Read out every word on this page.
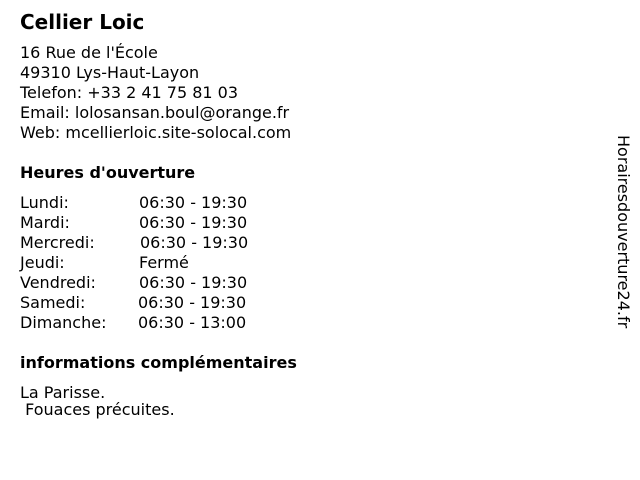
Cellier Loic
16 Rue de l'École
49310 Lys-Haut-Layon
Telefon: +33 2 41 75 81 03
Email: lolosansan.boul@orange.fr
Web: mcellierloic.site-solocal.com
Heures d'ouverture
Lundi:	06:30 - 19:30
Mardi:	06:30 - 19:30
Mercredi:	06:30 - 19:30
Jeudi:	Fermé
Vendredi:	06:30 - 19:30
Samedi:	06:30 - 19:30
Dimanche: 06:30 - 13:00
informations complémentaires
La Parisse.
Fouaces précuites.
Horairesdouverture24.fr
